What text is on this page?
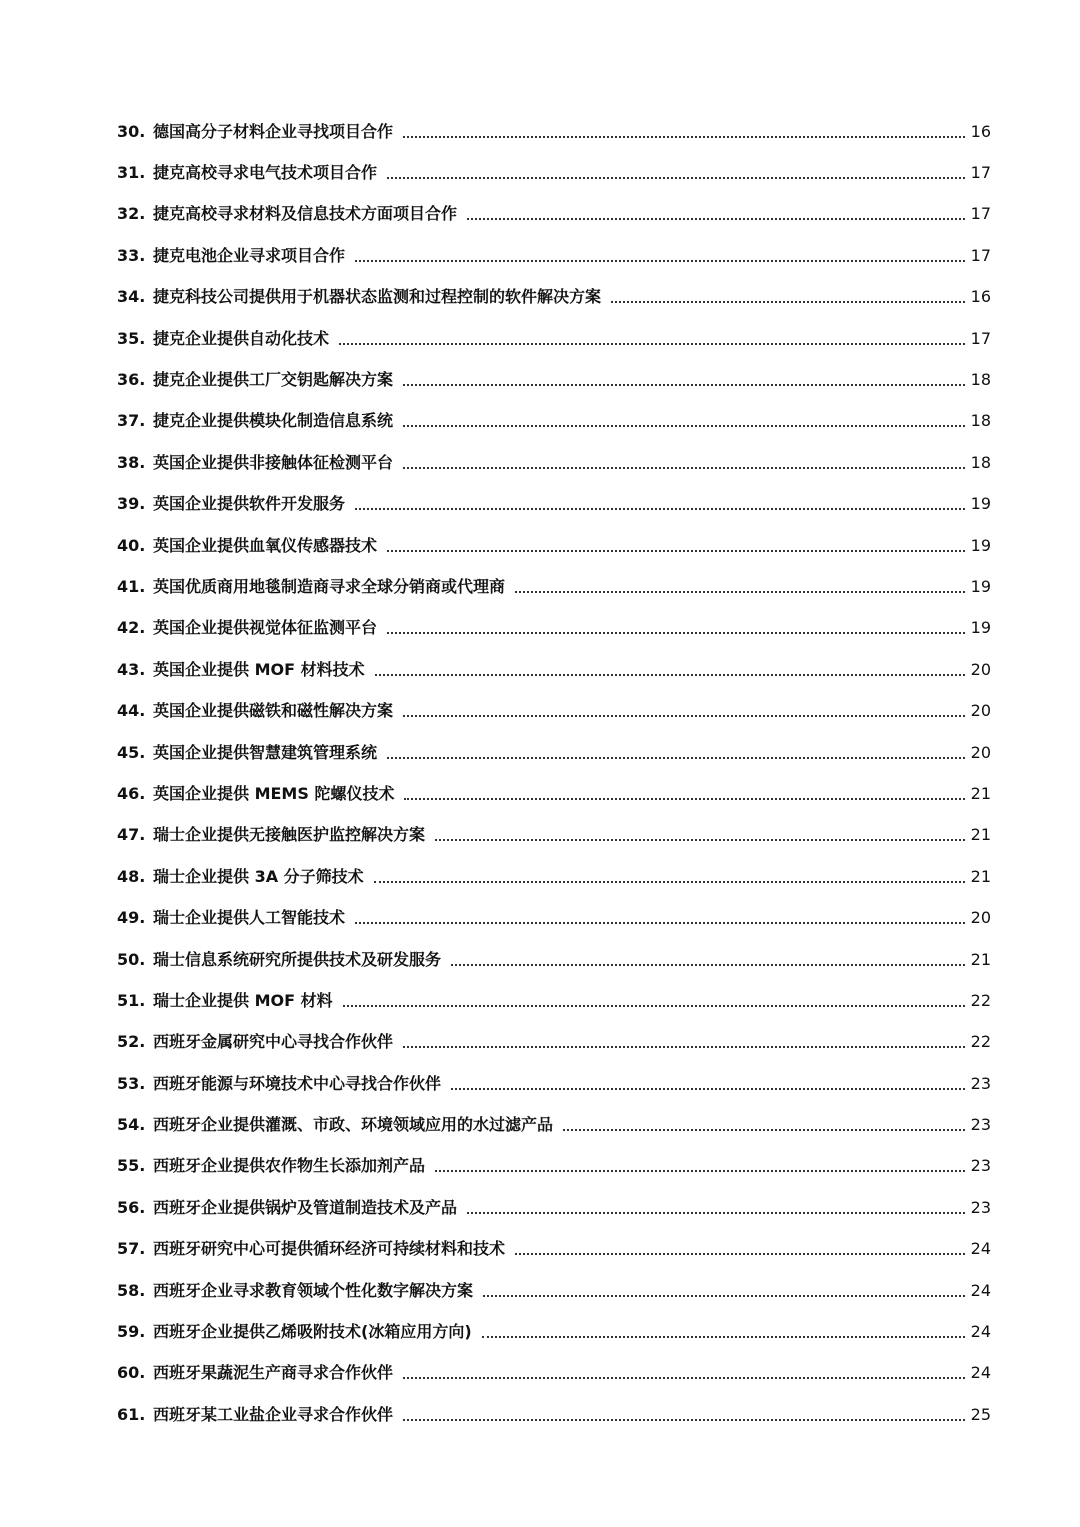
30. 德国高分子材料企业寻找项目合作	16
31. 捷克高校寻求电气技术项目合作	17
32. 捷克高校寻求材料及信息技术方面项目合作	17
33. 捷克电池企业寻求项目合作	17
34. 捷克科技公司提供用于机器状态监测和过程控制的软件解决方案	16
35. 捷克企业提供自动化技术	17
36. 捷克企业提供工厂交钥匙解决方案	18
37. 捷克企业提供模块化制造信息系统	18
38. 英国企业提供非接触体征检测平台	18
39. 英国企业提供软件开发服务	19
40. 英国企业提供血氧仪传感器技术	19
41. 英国优质商用地毯制造商寻求全球分销商或代理商	19
42. 英国企业提供视觉体征监测平台	19
43. 英国企业提供 MOF 材料技术	20
44. 英国企业提供磁铁和磁性解决方案	20
45. 英国企业提供智慧建筑管理系统	20
46. 英国企业提供 MEMS 陀螺仪技术	21
47. 瑞士企业提供无接触医护监控解决方案	21
48. 瑞士企业提供 3A 分子筛技术	21
49. 瑞士企业提供人工智能技术	20
50. 瑞士信息系统研究所提供技术及研发服务	21
51. 瑞士企业提供 MOF 材料	22
52. 西班牙金属研究中心寻找合作伙伴	22
53. 西班牙能源与环境技术中心寻找合作伙伴	23
54. 西班牙企业提供灌溉、市政、环境领域应用的水过滤产品	23
55. 西班牙企业提供农作物生长添加剂产品	23
56. 西班牙企业提供锅炉及管道制造技术及产品	23
57. 西班牙研究中心可提供循环经济可持续材料和技术	24
58. 西班牙企业寻求教育领域个性化数字解决方案	24
59. 西班牙企业提供乙烯吸附技术(冰箱应用方向)	24
60. 西班牙果蔬泥生产商寻求合作伙伴	24
61. 西班牙某工业盐企业寻求合作伙伴	25
